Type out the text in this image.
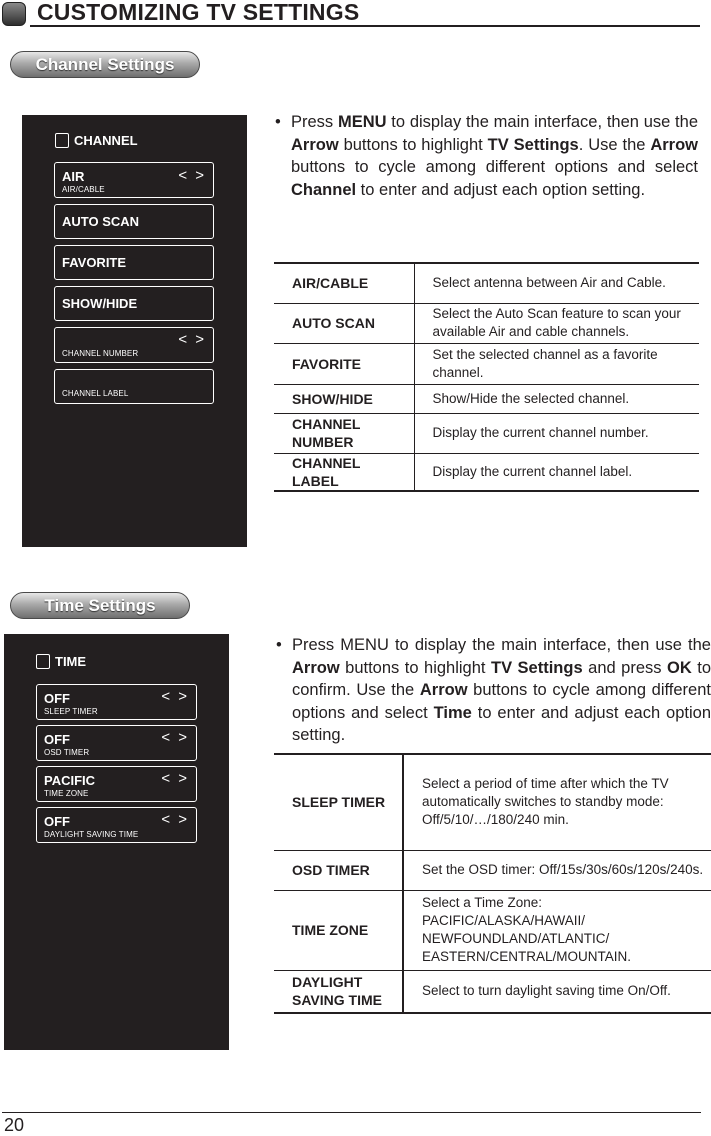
CUSTOMIZING TV SETTINGS
Channel Settings
CHANNEL
AIR
AIR/CABLE
< >
AUTO SCAN
FAVORITE
SHOW/HIDE
CHANNEL NUMBER
< >
CHANNEL LABEL
• Press MENU to display the main interface, then use the Arrow buttons to highlight TV Settings. Use the Arrow buttons to cycle among different options and select Channel to enter and adjust each option setting.
AIR/CABLE	Select antenna between Air and Cable.
AUTO SCAN	Select the Auto Scan feature to scan your available Air and cable channels.
FAVORITE	Set the selected channel as a favorite channel.
SHOW/HIDE	Show/Hide the selected channel.
CHANNEL NUMBER	Display the current channel number.
CHANNEL LABEL	Display the current channel label.
Time Settings
TIME
OFF
SLEEP TIMER
< >
OFF
OSD TIMER
< >
PACIFIC
TIME ZONE
< >
OFF
DAYLIGHT SAVING TIME
< >
• Press MENU to display the main interface, then use the Arrow buttons to highlight TV Settings and press OK to confirm. Use the Arrow buttons to cycle among different options and select Time to enter and adjust each option setting.
SLEEP TIMER	Select a period of time after which the TV automatically switches to standby mode: Off/5/10/…/180/240 min.
OSD TIMER	Set the OSD timer: Off/15s/30s/60s/120s/240s.
TIME ZONE	Select a Time Zone: PACIFIC/ALASKA/HAWAII/ NEWFOUNDLAND/ATLANTIC/ EASTERN/CENTRAL/MOUNTAIN.
DAYLIGHT SAVING TIME	Select to turn daylight saving time On/Off.
20
